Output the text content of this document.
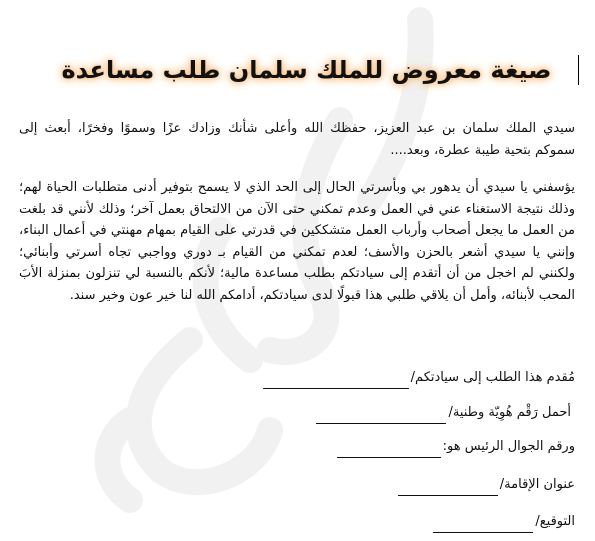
صيغة معروض للملك سلمان طلب مساعدة

سيدي الملك سلمان بن عبد العزيز، حفظك الله وأعلى شأنك وزادك عزًا وسموًا وفخرًا، أبعث إلى سموكم بتحية طيبة عطرة، وبعد....

يؤسفني يا سيدي أن يدهور بي وبأسرتي الحال إلى الحد الذي لا يسمح بتوفير أدنى متطلبات الحياة لهم؛ وذلك نتيجة الاستغناء عني في العمل وعدم تمكني حتى الآن من الالتحاق بعمل آخر؛ وذلك لأنني قد بلغت من العمل ما يجعل أصحاب وأرباب العمل متشككين في قدرتي على القيام بمهام مهنتي في أعمال البناء، وإنني يا سيدي أشعر بالحزن والأسف؛ لعدم تمكني من القيام بـ دوري وواجبي تجاه أسرتي وأبنائي؛ ولكنني لم اخجل من أن أتقدم إلى سيادتكم بطلب مساعدة مالية؛ لأنكم بالنسبة لي تنزلون بمنزلة الأبَ المحب لأبنائه، وأمل أن يلاقي طلبي هذا قبولًا لدى سيادتكم، أدامكم الله لنا خير عون وخير سند.

مُقدم هذا الطلب إلى سيادتكم/
أحمل رَقْم هُوِيّة وطنية/
ورقم الجوال الرئيس هو:
عنوان الإقامة/
التوقيع/
